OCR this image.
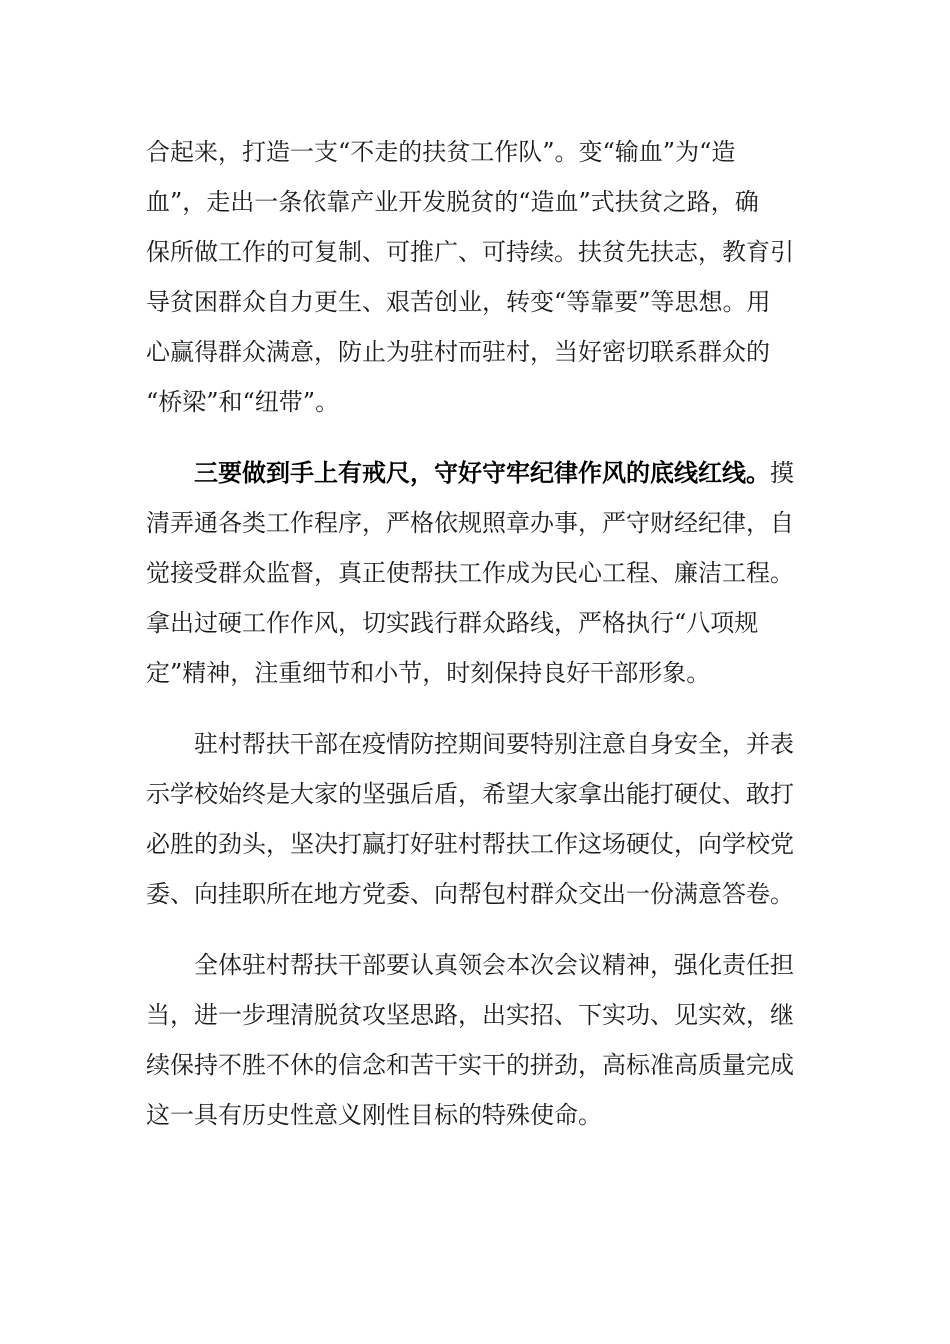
合起来，打造一支“不走的扶贫工作队”。变“输血”为“造

血”，走出一条依靠产业开发脱贫的“造血”式扶贫之路，确

保所做工作的可复制、可推广、可持续。扶贫先扶志，教育引

导贫困群众自力更生、艰苦创业，转变“等靠要”等思想。用

心赢得群众满意，防止为驻村而驻村，当好密切联系群众的

“桥梁”和“纽带”。

三要做到手上有戒尺，守好守牢纪律作风的底线红线。摸

清弄通各类工作程序，严格依规照章办事，严守财经纪律，自

觉接受群众监督，真正使帮扶工作成为民心工程、廉洁工程。

拿出过硬工作作风，切实践行群众路线，严格执行“八项规

定”精神，注重细节和小节，时刻保持良好干部形象。

驻村帮扶干部在疫情防控期间要特别注意自身安全，并表

示学校始终是大家的坚强后盾，希望大家拿出能打硬仗、敢打

必胜的劲头，坚决打赢打好驻村帮扶工作这场硬仗，向学校党

委、向挂职所在地方党委、向帮包村群众交出一份满意答卷。

全体驻村帮扶干部要认真领会本次会议精神，强化责任担

当，进一步理清脱贫攻坚思路，出实招、下实功、见实效，继

续保持不胜不休的信念和苦干实干的拼劲，高标准高质量完成

这一具有历史性意义刚性目标的特殊使命。
